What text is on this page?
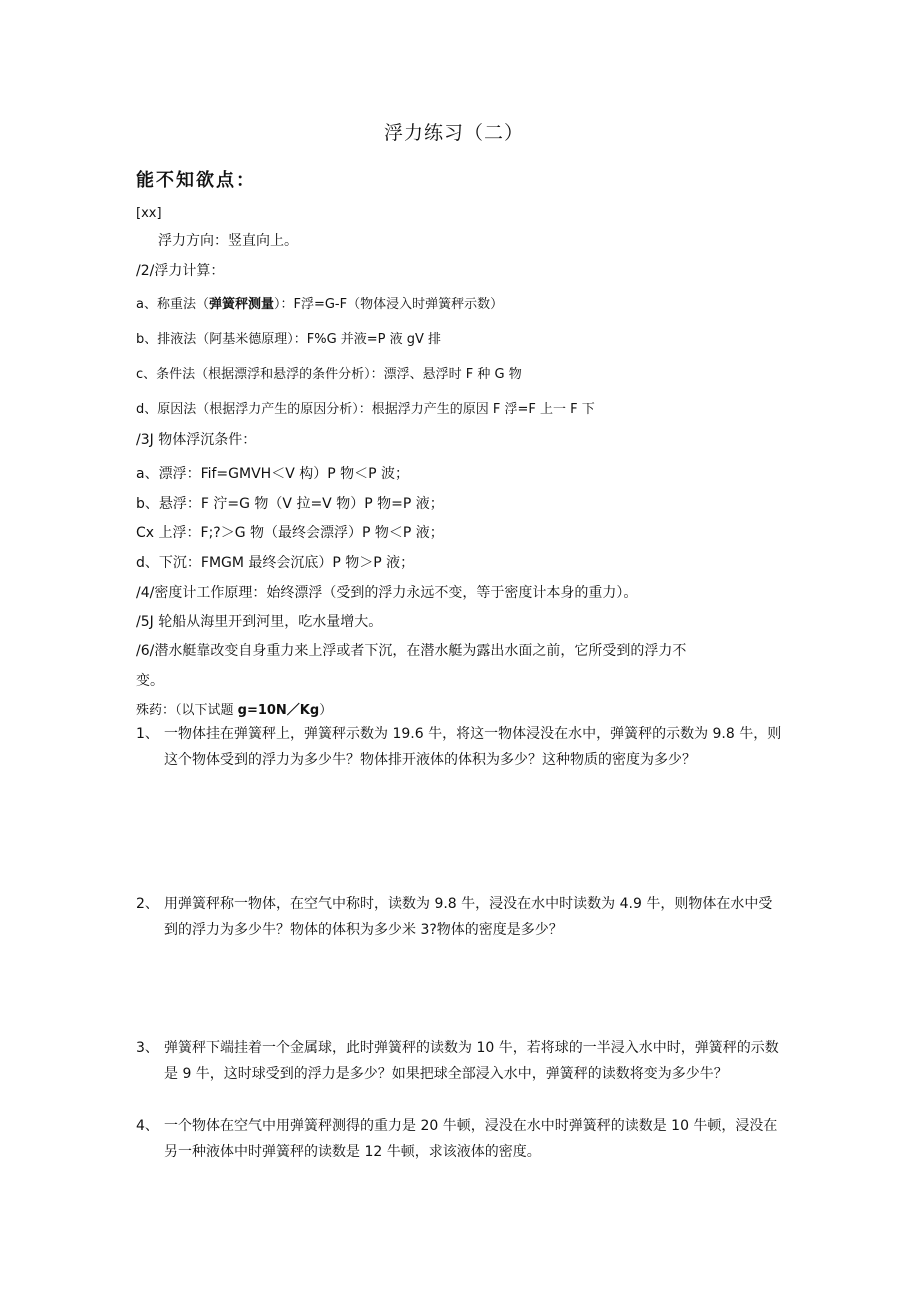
浮力练习（二）
能不知欲点：
[xx]
浮力方向：竖直向上。
/2/浮力计算：
a、称重法（弹簧秤测量）：F浮=G-F（物体浸入时弹簧秤示数）
b、排液法（阿基米德原理）：F%G 并液=P 液 gV 排
c、条件法（根据漂浮和悬浮的条件分析）：漂浮、悬浮时 F 种 G 物
d、原因法（根据浮力产生的原因分析）：根据浮力产生的原因 F 浮=F 上一 F 下
/3J 物体浮沉条件：
a、漂浮：Fif=GMVH＜V 构）P 物＜P 波；
b、悬浮：F 泞=G 物（V 拉=V 物）P 物=P 液；
Cx 上浮：F;?＞G 物（最终会漂浮）P 物＜P 液；
d、下沉：FMGM 最终会沉底）P 物＞P 液；
/4/密度计工作原理：始终漂浮（受到的浮力永远不变，等于密度计本身的重力）。
/5J 轮船从海里开到河里，吃水量增大。
/6/潜水艇靠改变自身重力来上浮或者下沉，在潜水艇为露出水面之前，它所受到的浮力不
变。
殊药：（以下试题 g=10N／Kg）
1、 一物体挂在弹簧秤上，弹簧秤示数为 19.6 牛，将这一物体浸没在水中，弹簧秤的示数为 9.8 牛，则这个物体受到的浮力为多少牛？物体排开液体的体积为多少？这种物质的密度为多少？
2、 用弹簧秤称一物体，在空气中称时，读数为 9.8 牛，浸没在水中时读数为 4.9 牛，则物体在水中受到的浮力为多少牛？物体的体积为多少米 3?物体的密度是多少？
3、 弹簧秤下端挂着一个金属球，此时弹簧秤的读数为 10 牛，若将球的一半浸入水中时，弹簧秤的示数是 9 牛，这时球受到的浮力是多少？如果把球全部浸入水中，弹簧秤的读数将变为多少牛？
4、 一个物体在空气中用弹簧秤测得的重力是 20 牛顿，浸没在水中时弹簧秤的读数是 10 牛顿，浸没在另一种液体中时弹簧秤的读数是 12 牛顿，求该液体的密度。
